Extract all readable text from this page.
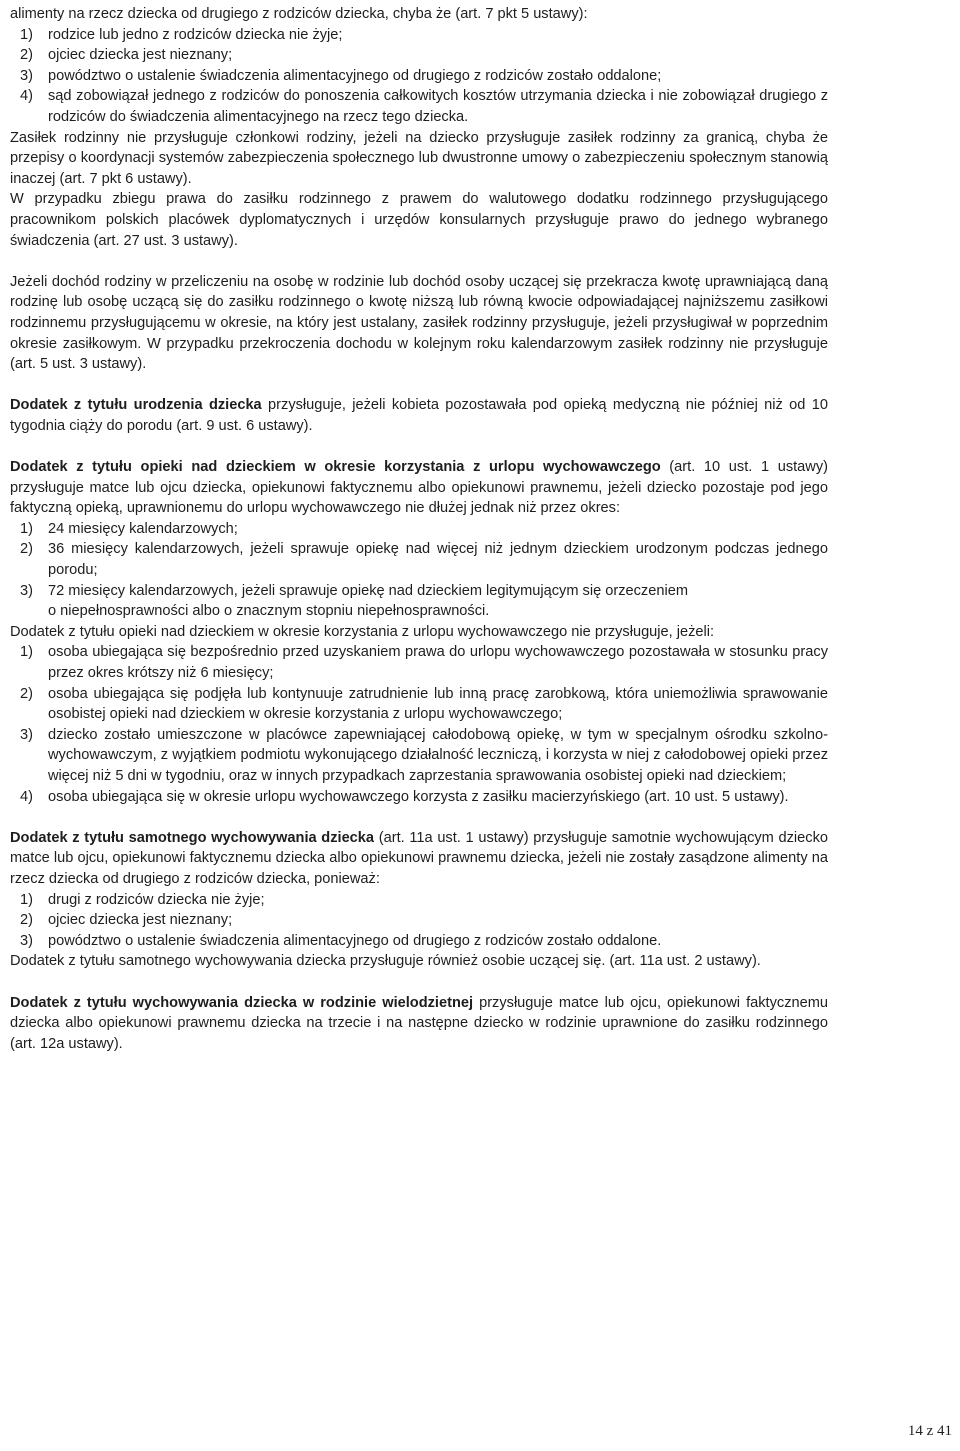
alimenty na rzecz dziecka od drugiego z rodziców dziecka, chyba że (art. 7 pkt 5 ustawy):

1)	rodzice lub jedno z rodziców dziecka nie żyje;
2)	ojciec dziecka jest nieznany;
3)	powództwo o ustalenie świadczenia alimentacyjnego od drugiego z rodziców zostało oddalone;
4)	sąd zobowiązał jednego z rodziców do ponoszenia całkowitych kosztów utrzymania dziecka i nie zobowiązał drugiego z rodziców do świadczenia alimentacyjnego na rzecz tego dziecka.

Zasiłek rodzinny nie przysługuje członkowi rodziny, jeżeli na dziecko przysługuje zasiłek rodzinny za granicą, chyba że przepisy o koordynacji systemów zabezpieczenia społecznego lub dwustronne umowy o zabezpieczeniu społecznym stanowią inaczej (art. 7 pkt 6 ustawy).

W przypadku zbiegu prawa do zasiłku rodzinnego z prawem do walutowego dodatku rodzinnego przysługującego pracownikom polskich placówek dyplomatycznych i urzędów konsularnych przysługuje prawo do jednego wybranego świadczenia (art. 27 ust. 3 ustawy).

Jeżeli dochód rodziny w przeliczeniu na osobę w rodzinie lub dochód osoby uczącej się przekracza kwotę uprawniającą daną rodzinę lub osobę uczącą się do zasiłku rodzinnego o kwotę niższą lub równą kwocie odpowiadającej najniższemu zasiłkowi rodzinnemu przysługującemu w okresie, na który jest ustalany, zasiłek rodzinny przysługuje, jeżeli przysługiwał w poprzednim okresie zasiłkowym. W przypadku przekroczenia dochodu w kolejnym roku kalendarzowym zasiłek rodzinny nie przysługuje (art. 5 ust. 3 ustawy).

Dodatek z tytułu urodzenia dziecka przysługuje, jeżeli kobieta pozostawała pod opieką medyczną nie później niż od 10 tygodnia ciąży do porodu (art. 9 ust. 6 ustawy).

Dodatek z tytułu opieki nad dzieckiem w okresie korzystania z urlopu wychowawczego (art. 10 ust. 1 ustawy) przysługuje matce lub ojcu dziecka, opiekunowi faktycznemu albo opiekunowi prawnemu, jeżeli dziecko pozostaje pod jego faktyczną opieką, uprawnionemu do urlopu wychowawczego nie dłużej jednak niż przez okres:

1)	24 miesięcy kalendarzowych;
2)	36 miesięcy kalendarzowych, jeżeli sprawuje opiekę nad więcej niż jednym dzieckiem urodzonym podczas jednego porodu;
3)	72 miesięcy kalendarzowych, jeżeli sprawuje opiekę nad dzieckiem legitymującym się orzeczeniem
o niepełnosprawności albo o znacznym stopniu niepełnosprawności.

Dodatek z tytułu opieki nad dzieckiem w okresie korzystania z urlopu wychowawczego nie przysługuje, jeżeli:

1)	osoba ubiegająca się bezpośrednio przed uzyskaniem prawa do urlopu wychowawczego pozostawała w stosunku pracy przez okres krótszy niż 6 miesięcy;
2)	osoba ubiegająca się podjęła lub kontynuuje zatrudnienie lub inną pracę zarobkową, która uniemożliwia sprawowanie osobistej opieki nad dzieckiem w okresie korzystania z urlopu wychowawczego;
3)	dziecko zostało umieszczone w placówce zapewniającej całodobową opiekę, w tym w specjalnym ośrodku szkolno-wychowawczym, z wyjątkiem podmiotu wykonującego działalność leczniczą, i korzysta w niej z całodobowej opieki przez więcej niż 5 dni w tygodniu, oraz w innych przypadkach zaprzestania sprawowania osobistej opieki nad dzieckiem;
4)	osoba ubiegająca się w okresie urlopu wychowawczego korzysta z zasiłku macierzyńskiego (art. 10 ust. 5 ustawy).

Dodatek z tytułu samotnego wychowywania dziecka (art. 11a ust. 1 ustawy) przysługuje samotnie wychowującym dziecko matce lub ojcu, opiekunowi faktycznemu dziecka albo opiekunowi prawnemu dziecka, jeżeli nie zostały zasądzone alimenty na rzecz dziecka od drugiego z rodziców dziecka, ponieważ:

1)	drugi z rodziców dziecka nie żyje;
2)	ojciec dziecka jest nieznany;
3)	powództwo o ustalenie świadczenia alimentacyjnego od drugiego z rodziców zostało oddalone.

Dodatek z tytułu samotnego wychowywania dziecka przysługuje również osobie uczącej się. (art. 11a ust. 2 ustawy).

Dodatek z tytułu wychowywania dziecka w rodzinie wielodzietnej przysługuje matce lub ojcu, opiekunowi faktycznemu dziecka albo opiekunowi prawnemu dziecka na trzecie i na następne dziecko w rodzinie uprawnione do zasiłku rodzinnego (art. 12a ustawy).

14 z 41
